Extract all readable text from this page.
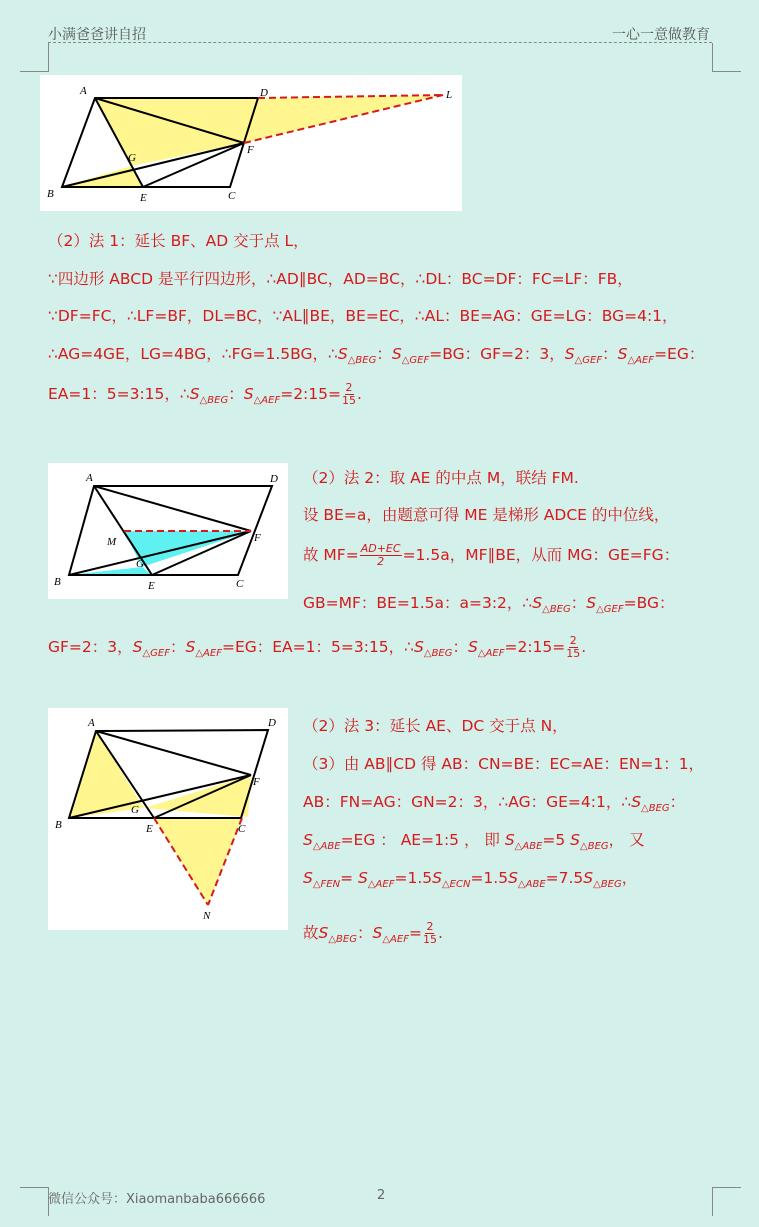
小满爸爸讲自招	一心一意做教育
A	D	L
G
F
B	E	C
（2）法 1：延长 BF、AD 交于点 L，
∵四边形 ABCD 是平行四边形，∴AD∥BC，AD=BC，∴DL：BC=DF：FC=LF：FB，
∵DF=FC，∴LF=BF，DL=BC，∵AL∥BE，BE=EC，∴AL：BE=AG：GE=LG：BG=4:1，
∴AG=4GE，LG=4BG，∴FG=1.5BG，$\therefore S_{\triangle BEG}$：$S_{\triangle GEF}=BG$：GF=2：3，$S_{\triangle GEF}$：$S_{\triangle AEF}=EG$：
EA=1：5=3:15，$\therefore S_{\triangle BEG}$：$S_{\triangle AEF}=2:15= \frac{2}{15}$ .
A	D
M	F
G
B	E	C
（2）法 2：取 AE 的中点 M，联结 FM.
设 BE=a，由题意可得 ME 是梯形 ADCE 的中位线，
故 $MF= \frac{AD+EC}{2} =1.5a$，MF∥BE，从而 MG：GE=FG：
GB=MF：BE=1.5a：a=3:2，$\therefore S_{\triangle BEG}$：$S_{\triangle GEF}=BG$：
GF=2：3，$S_{\triangle GEF}$：$S_{\triangle AEF}=EG$：EA=1：5=3:15，$\therefore S_{\triangle BEG}$：$S_{\triangle AEF}=2:15= \frac{2}{15}$ .
A	D
F
B
G
E	C
N
（2）法 3：延长 AE、DC 交于点 N，
（3）由 AB∥CD 得 AB：CN=BE：EC=AE：EN=1：1，
AB：FN=AG：GN=2：3，∴AG：GE=4:1，$\therefore S_{\triangle BEG}$：
$S_{\triangle ABE}=EG$ ： AE=1:5 ， 即 $S_{\triangle ABE}=5$ $S_{\triangle BEG}$， 又
$S_{\triangle FEN}= S_{\triangle AEF}=1.5S_{\triangle ECN}=1.5S_{\triangle ABE}=7.5S_{\triangle BEG}$，
故$S_{\triangle BEG}$：$S_{\triangle AEF}= \frac{2}{15}$ .
微信公众号：Xiaomanbaba666666	2
